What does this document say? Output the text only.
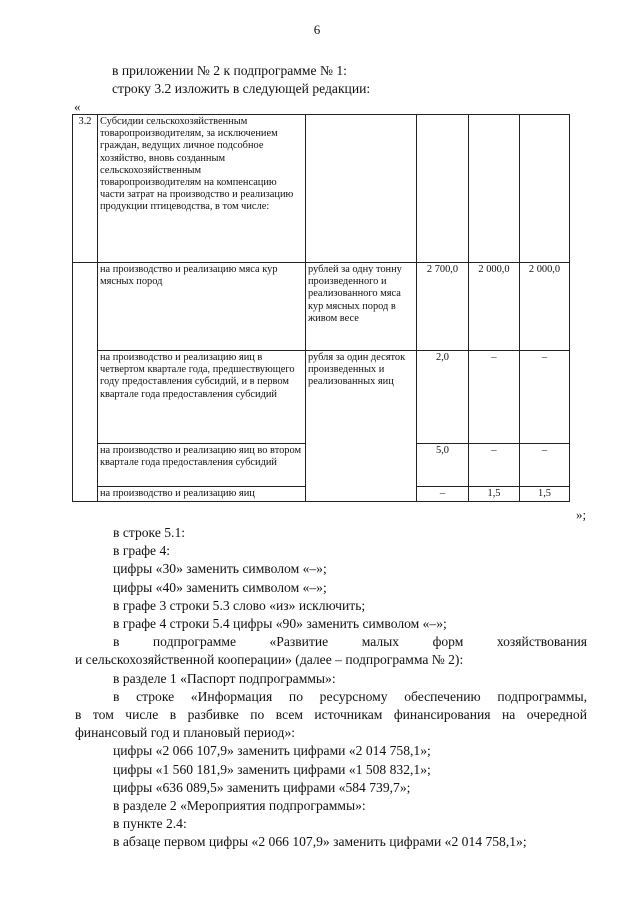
6
в приложении № 2 к подпрограмме № 1:
строку 3.2 изложить в следующей редакции:
«
3.2	Субсидии сельскохозяйственным товаропроизводителям, за исключением граждан, ведущих личное подсобное хозяйство, вновь созданным сельскохозяйственным товаропроизводителям на компенсацию части затрат на производство и реализацию продукции птицеводства, в том числе:				
	на производство и реализацию мяса кур мясных пород	рублей за одну тонну произведенного и реализованного мяса кур мясных пород в живом весе	2 700,0	2 000,0	2 000,0
	на производство и реализацию яиц в четвертом квартале года, предшествующего году предоставления субсидий, и в первом квартале года предоставления субсидий	рубля за один десяток произведенных и реализованных яиц	2,0	–	–
	на производство и реализацию яиц во втором квартале года предоставления субсидий		5,0	–	–
	на производство и реализацию яиц		–	1,5	1,5
»;

в строке 5.1:

в графе 4:

цифры «30» заменить символом «–»;

цифры «40» заменить символом «–»;

в графе 3 строки 5.3 слово «из» исключить;

в графе 4 строки 5.4 цифры «90» заменить символом «–»;

в подпрограмме «Развитие малых форм хозяйствования

и сельскохозяйственной кооперации» (далее – подпрограмма № 2):

в разделе 1 «Паспорт подпрограммы»:

в строке «Информация по ресурсному обеспечению подпрограммы,

в том числе в разбивке по всем источникам финансирования на очередной

финансовый год и плановый период»:

цифры «2 066 107,9» заменить цифрами «2 014 758,1»;

цифры «1 560 181,9» заменить цифрами «1 508 832,1»;

цифры «636 089,5» заменить цифрами «584 739,7»;

в разделе 2 «Мероприятия подпрограммы»:

в пункте 2.4:

в абзаце первом цифры «2 066 107,9» заменить цифрами «2 014 758,1»;
